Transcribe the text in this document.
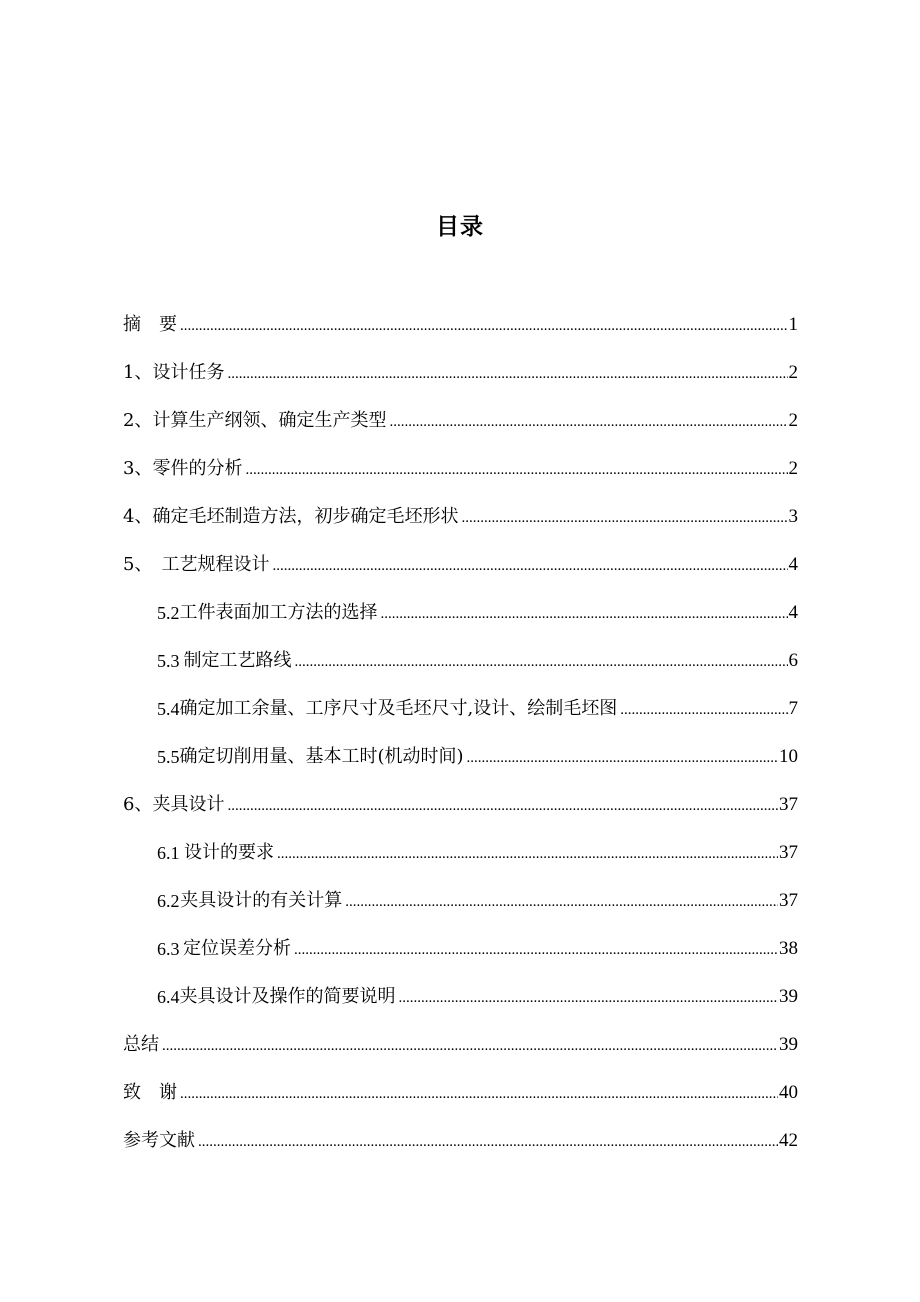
目录
摘　要 .....	1
1、设计任务 .....	2
2、计算生产纲领、确定生产类型 .....	2
3、零件的分析 .....	2
4、确定毛坯制造方法，初步确定毛坯形状 .....	3
5、　工艺规程设计 .....	4
5.2 工件表面加工方法的选择 .....	4
5.3 制定工艺路线 .....	6
5.4 确定加工余量、工序尺寸及毛坯尺寸,设计、绘制毛坯图 .....	7
5.5 确定切削用量、基本工时(机动时间) .....	10
6、夹具设计 .....	37
6.1 设计的要求 .....	37
6.2 夹具设计的有关计算 .....	37
6.3 定位误差分析 .....	38
6.4 夹具设计及操作的简要说明 .....	39
总结 .....	39
致　谢 .....	40
参考文献 .....	42
